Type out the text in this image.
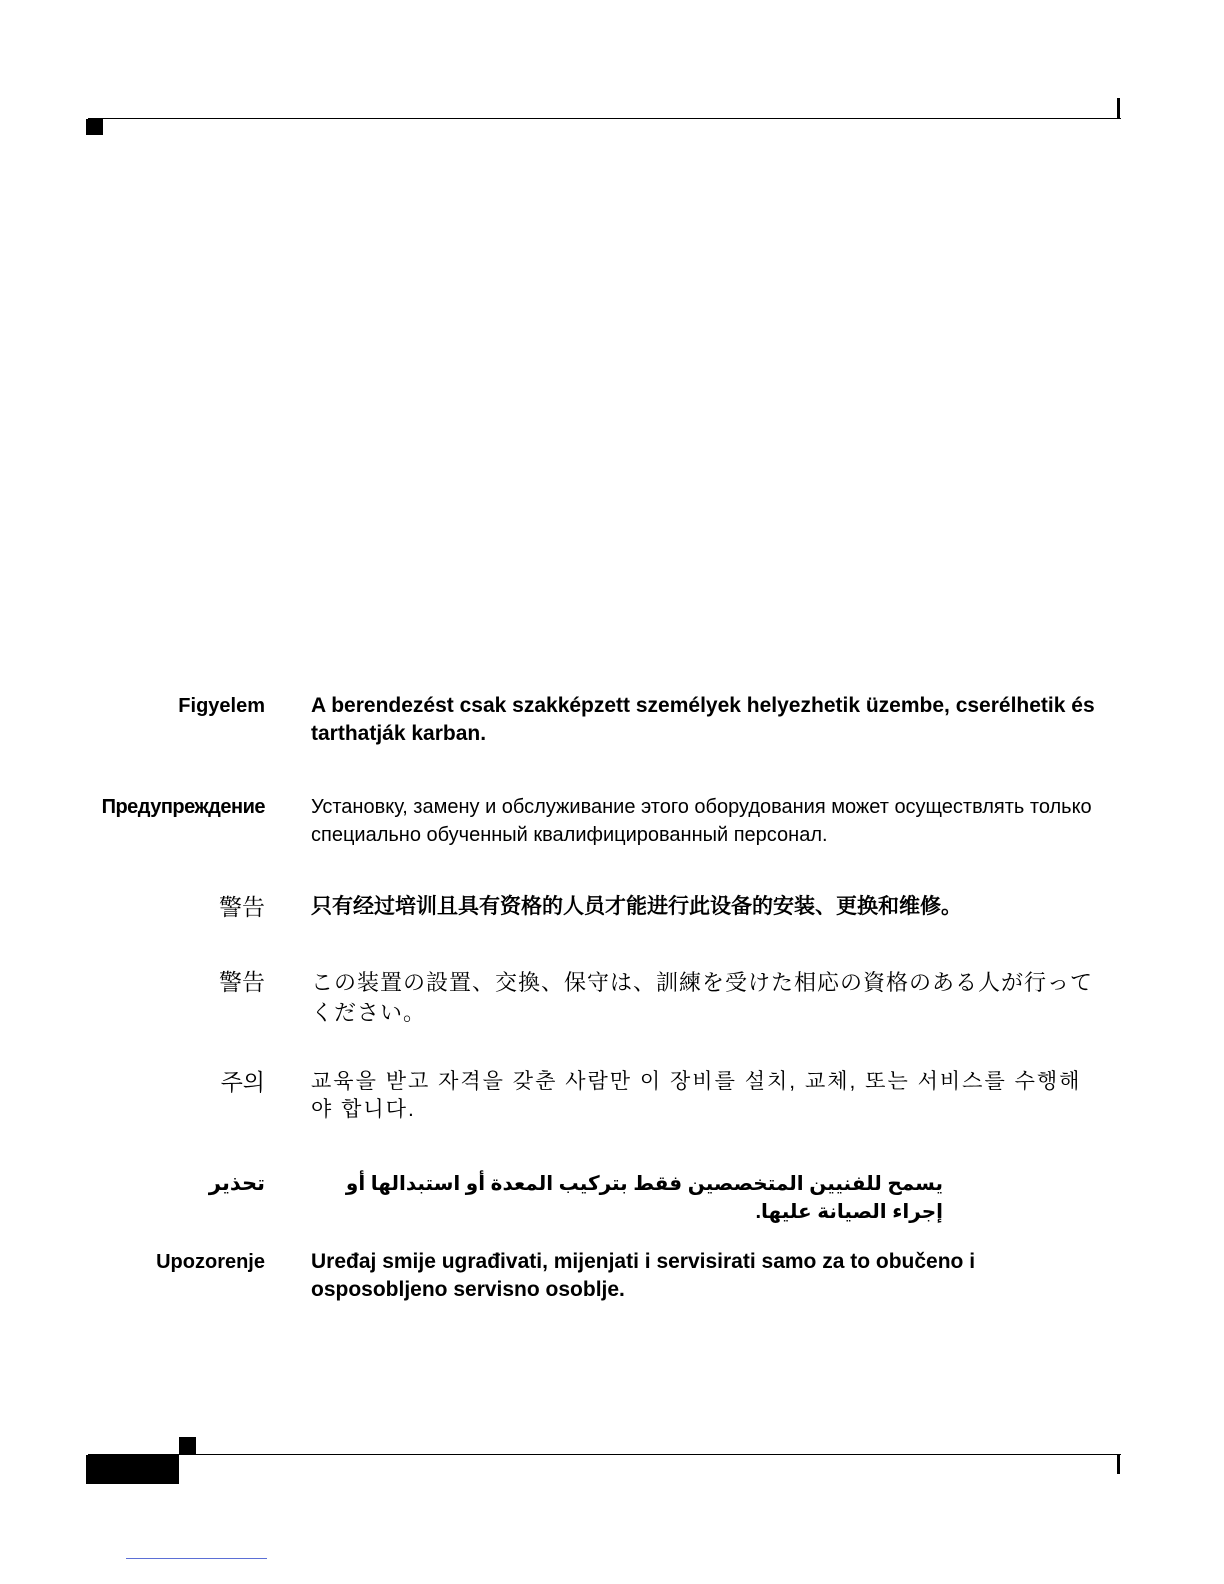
Figyelem A berendezést csak szakképzett személyek helyezhetik üzembe, cserélhetik és tarthatják karban.
Предупреждение Установку, замену и обслуживание этого оборудования может осуществлять только специально обученный квалифицированный персонал.
警告 只有经过培训且具有资格的人员才能进行此设备的安装、更换和维修。
警告 この装置の設置、交換、保守は、訓練を受けた相応の資格のある人が行ってください。
주의 교육을 받고 자격을 갖춘 사람만 이 장비를 설치, 교체, 또는 서비스를 수행해야 합니다.
تحذير	يسمح للفنيين المتخصصين فقط بتركيب المعدة أو استبدالها أو إجراء الصيانة عليها.
Upozorenje Uređaj smije ugrađivati, mijenjati i servisirati samo za to obučeno i osposobljeno servisno osoblje.
